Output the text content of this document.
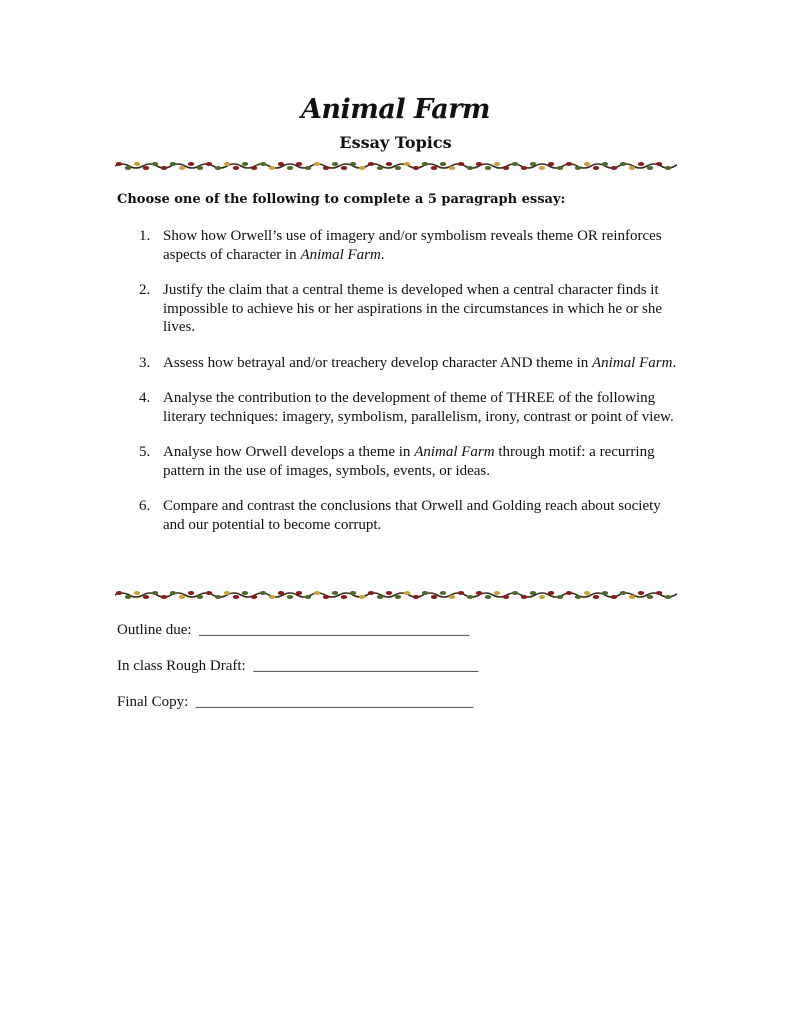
Animal Farm
Essay Topics
Choose one of the following to complete a 5 paragraph essay:
1. Show how Orwell’s use of imagery and/or symbolism reveals theme OR reinforces aspects of character in Animal Farm.
2. Justify the claim that a central theme is developed when a central character finds it impossible to achieve his or her aspirations in the circumstances in which he or she lives.
3. Assess how betrayal and/or treachery develop character AND theme in Animal Farm.
4. Analyse the contribution to the development of theme of THREE of the following literary techniques: imagery, symbolism, parallelism, irony, contrast or point of view.
5. Analyse how Orwell develops a theme in Animal Farm through motif: a recurring pattern in the use of images, symbols, events, or ideas.
6. Compare and contrast the conclusions that Orwell and Golding reach about society and our potential to become corrupt.
Outline due:  ____________________________________
In class Rough Draft:  ______________________________
Final Copy:  _____________________________________
